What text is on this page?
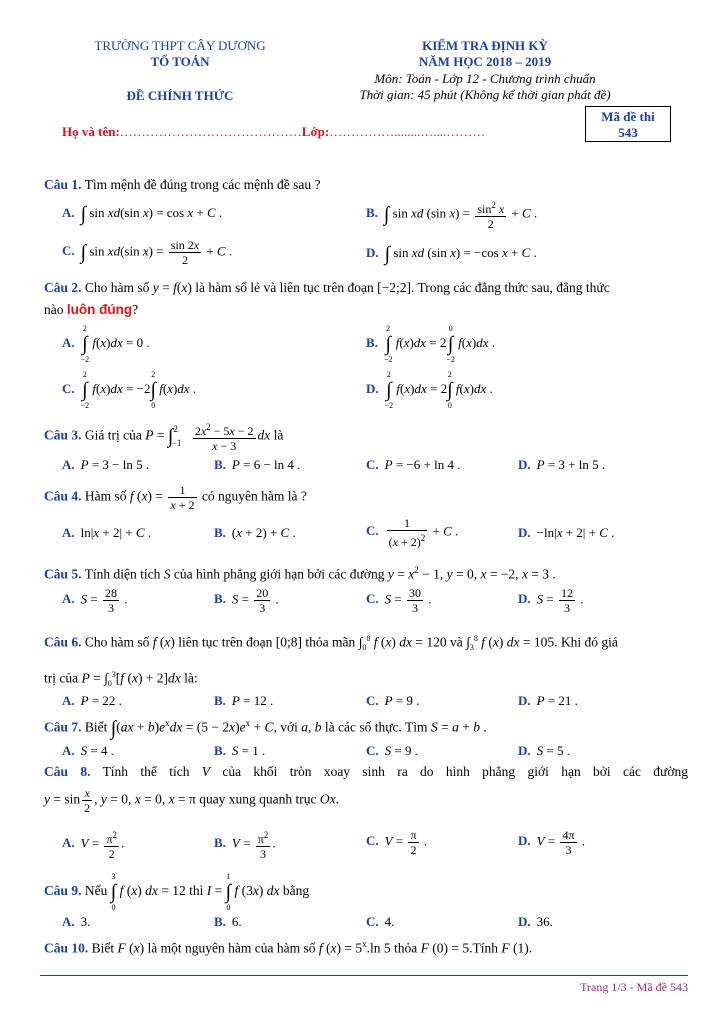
TRƯỜNG THPT CÂY DƯƠNG
TỔ TOÁN
ĐỀ CHÍNH THỨC
KIỂM TRA ĐỊNH KỲ
NĂM HỌC 2018 – 2019
Môn: Toán - Lớp 12 - Chương trình chuẩn
Thời gian: 45 phút (Không kể thời gian phát đề)
Mã đề thi
543
Họ và tên:……………………………………Lớp:……………........…....………
Câu 1. Tìm mệnh đề đúng trong các mệnh đề sau ?
A. ∫ sin xd(sin x) = cos x + C .	B. ∫ sin xd (sin $x) = \frac{\sin^2 x}{2} + C$ .
C. ∫ sin xd(sin $x) = \frac{\sin 2x}{2} + C$ .	D. ∫ sin xd (sin x) = −cos x + C .
Câu 2. Cho hàm số y = f(x) là hàm số lẻ và liên tục trên đoạn [−2;2]. Trong các đẳng thức sau, đẳng thức
nào luôn đúng?
A.
2
∫
−2
f(x)dx = 0 .	B.
2
∫
−2
f(x)dx = 2
0
∫
−2
f(x)dx .
C.
2
∫
−2
f(x)dx = −2
2
∫
0
f(x)dx .	D.
2
∫
−2
f(x)dx = 2
2
∫
0
f(x)dx .
Câu 3. Giá trị của $P = \int^2_{-1} \frac{2x^2 - 5x - 2}{x - 3}$ dx là
A. P = 3 − ln 5 .	B. P = 6 − ln 4 .	C. P = −6 + ln 4 .	D. P = 3 + ln 5 .
Câu 4. Hàm số f $(x) = \frac{1}{x + 2}$ có nguyên hàm là ?
A. ln|x + 2| + C .	B. (x + 2) + C .	C. $\frac{1}{(x + 2)^2} + C$ .	D. −ln|x + 2| + C .
Câu 5. Tính diện tích S của hình phẳng giới hạn bởi các đường $y = x^2 - 1$, y = 0, x = −2, x = 3 .
A. $S = \frac{28}{3}$ .	B. $S = \frac{20}{3}$ .	C. $S = \frac{30}{3}$ .	D. $S = \frac{12}{3}$ .
Câu 6. Cho hàm số f (x) liên tục trên đoạn [0;8] thỏa mãn $\int_0^8$ f (x) dx = 120 và $\int_3^8$ f (x) dx = 105. Khi đó giá
trị của $P = \int_0^3[f$ (x) + 2]dx là:
A. P = 22 .	B. P = 12 .	C. P = 9 .	D. P = 21 .
Câu 7. Biết $\int(ax + b)e^xdx = (5 - 2x)e^x + C$, với a, b là các số thực. Tìm S = a + b .
A. S = 4 .	B. S = 1 .	C. S = 9 .	D. S = 5 .
Câu 8. Tính thể tích V của khối tròn xoay sinh ra do hình phẳng giới hạn bởi các đường
$y = \sin \frac{x}{2}$ , y = 0, x = 0, x = π quay xung quanh trục Ox.
A. $V = \frac{\pi^2}{2}$ .	B. $V = \frac{\pi^2}{3}$ .	C. $V = \frac{\pi}{2}$ .	D. $V = \frac{4\pi}{3}$ .
Câu 9. Nếu
3
∫
0
f (x) dx = 12 thì I =
1
∫
0
f (3x) dx bằng
A. 3.	B. 6.	C. 4.	D. 36.
Câu 10. Biết F (x) là một nguyên hàm của hàm số f $(x) = 5^x.\ln$ 5 thỏa F (0) = 5.Tính F (1).
Trang 1/3 - Mã đề 543
